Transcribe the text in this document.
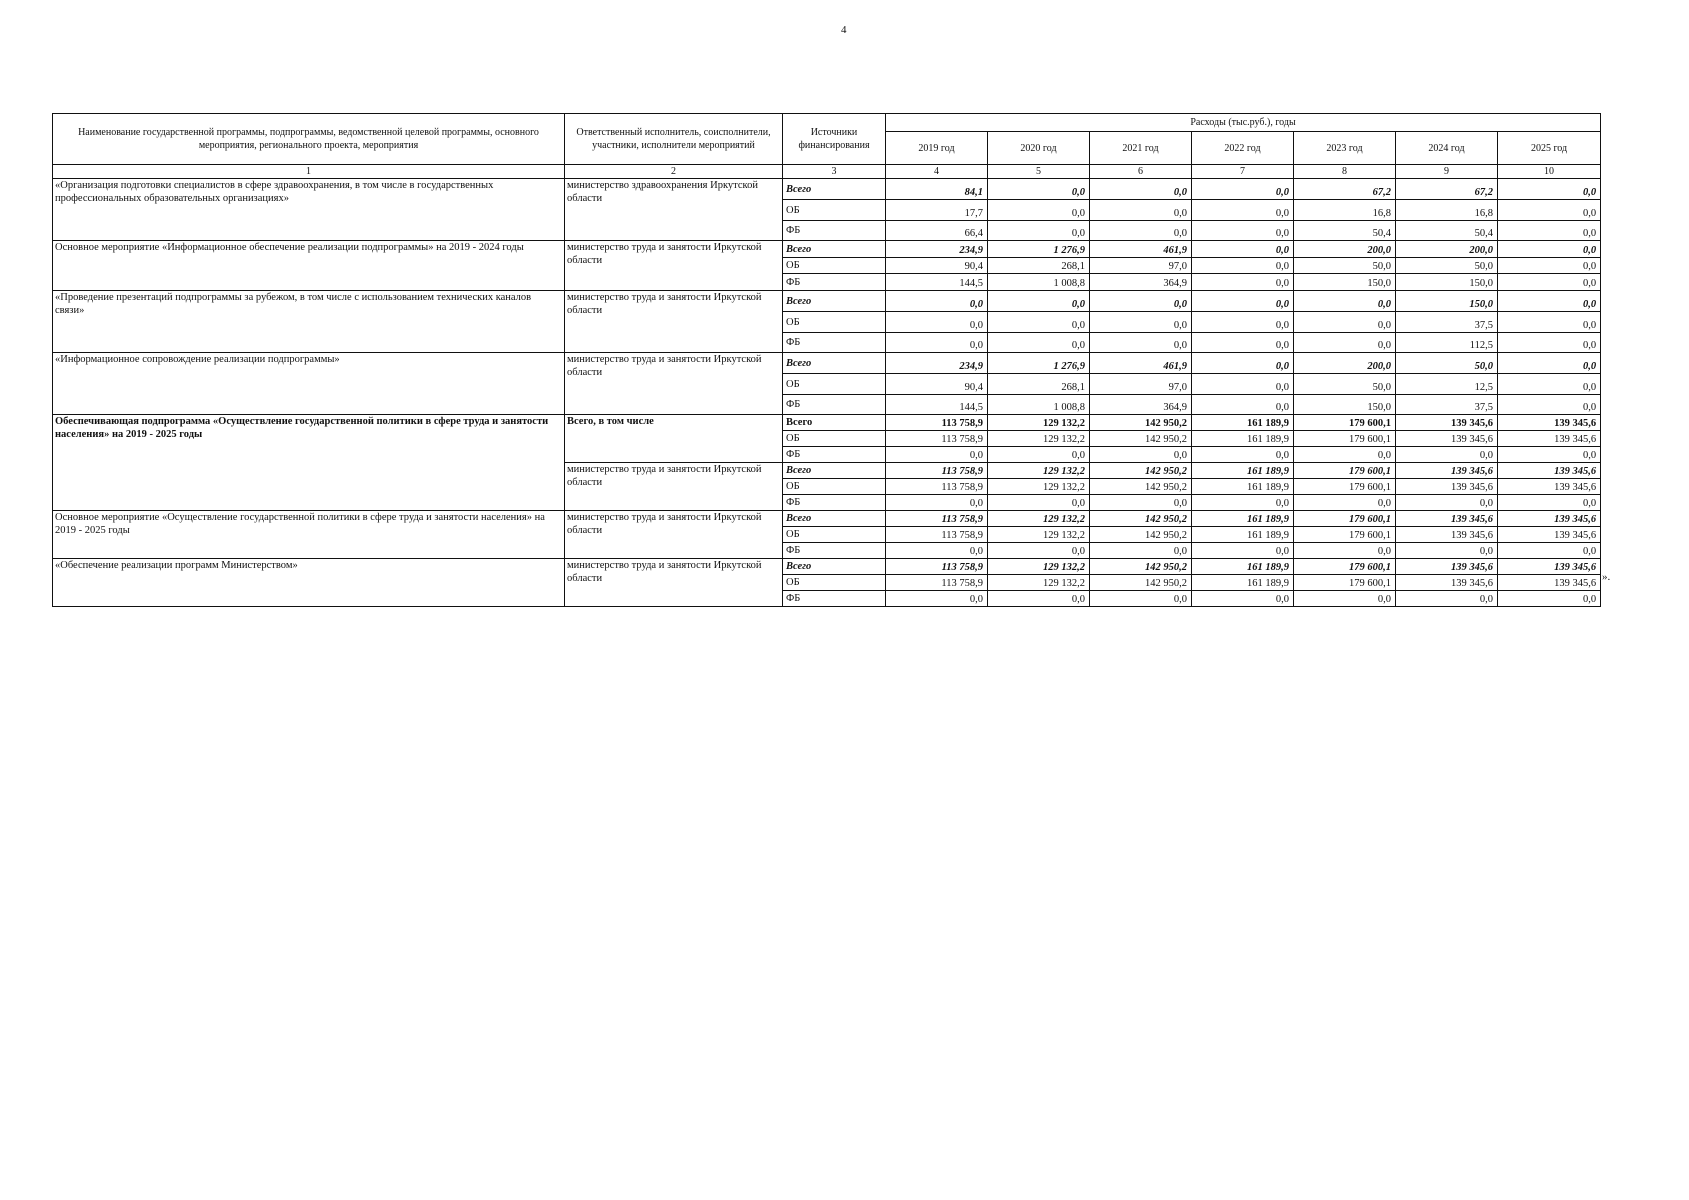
4
Наименование государственной программы, подпрограммы, ведомственной целевой программы, основного мероприятия, регионального проекта, мероприятия	Ответственный исполнитель, соисполнители, участники, исполнители мероприятий	Источники финансирования	Расходы (тыс.руб.), годы						
			2019 год	2020 год	2021 год	2022 год	2023 год	2024 год	2025 год
1	2	3	4	5	6	7	8	9	10
«Организация подготовки специалистов в сфере здравоохранения, в том числе в государственных профессиональных образовательных организациях»	министерство здравоохранения Иркутской области	Всего	84,1	0,0	0,0	0,0	67,2	67,2	0,0
		ОБ	17,7	0,0	0,0	0,0	16,8	16,8	0,0
		ФБ	66,4	0,0	0,0	0,0	50,4	50,4	0,0
Основное мероприятие «Информационное обеспечение реализации подпрограммы» на 2019 - 2024 годы	министерство труда и занятости Иркутской области	Всего	234,9	1 276,9	461,9	0,0	200,0	200,0	0,0
		ОБ	90,4	268,1	97,0	0,0	50,0	50,0	0,0
		ФБ	144,5	1 008,8	364,9	0,0	150,0	150,0	0,0
«Проведение презентаций подпрограммы за рубежом, в том числе с использованием технических каналов связи»	министерство труда и занятости Иркутской области	Всего	0,0	0,0	0,0	0,0	0,0	150,0	0,0
		ОБ	0,0	0,0	0,0	0,0	0,0	37,5	0,0
		ФБ	0,0	0,0	0,0	0,0	0,0	112,5	0,0
«Информационное сопровождение реализации подпрограммы»	министерство труда и занятости Иркутской области	Всего	234,9	1 276,9	461,9	0,0	200,0	50,0	0,0
		ОБ	90,4	268,1	97,0	0,0	50,0	12,5	0,0
		ФБ	144,5	1 008,8	364,9	0,0	150,0	37,5	0,0
Обеспечивающая подпрограмма «Осуществление государственной политики в сфере труда и занятости населения» на 2019 - 2025 годы	Всего, в том числе	Всего	113 758,9	129 132,2	142 950,2	161 189,9	179 600,1	139 345,6	139 345,6
		ОБ	113 758,9	129 132,2	142 950,2	161 189,9	179 600,1	139 345,6	139 345,6
		ФБ	0,0	0,0	0,0	0,0	0,0	0,0	0,0
	министерство труда и занятости Иркутской области	Всего	113 758,9	129 132,2	142 950,2	161 189,9	179 600,1	139 345,6	139 345,6
		ОБ	113 758,9	129 132,2	142 950,2	161 189,9	179 600,1	139 345,6	139 345,6
		ФБ	0,0	0,0	0,0	0,0	0,0	0,0	0,0
Основное мероприятие «Осуществление государственной политики в сфере труда и занятости населения» на 2019 - 2025 годы	министерство труда и занятости Иркутской области	Всего	113 758,9	129 132,2	142 950,2	161 189,9	179 600,1	139 345,6	139 345,6
		ОБ	113 758,9	129 132,2	142 950,2	161 189,9	179 600,1	139 345,6	139 345,6
		ФБ	0,0	0,0	0,0	0,0	0,0	0,0	0,0
«Обеспечение реализации программ Министерством»	министерство труда и занятости Иркутской области	Всего	113 758,9	129 132,2	142 950,2	161 189,9	179 600,1	139 345,6	139 345,6
		ОБ	113 758,9	129 132,2	142 950,2	161 189,9	179 600,1	139 345,6	139 345,6
		ФБ	0,0	0,0	0,0	0,0	0,0	0,0	0,0
».
